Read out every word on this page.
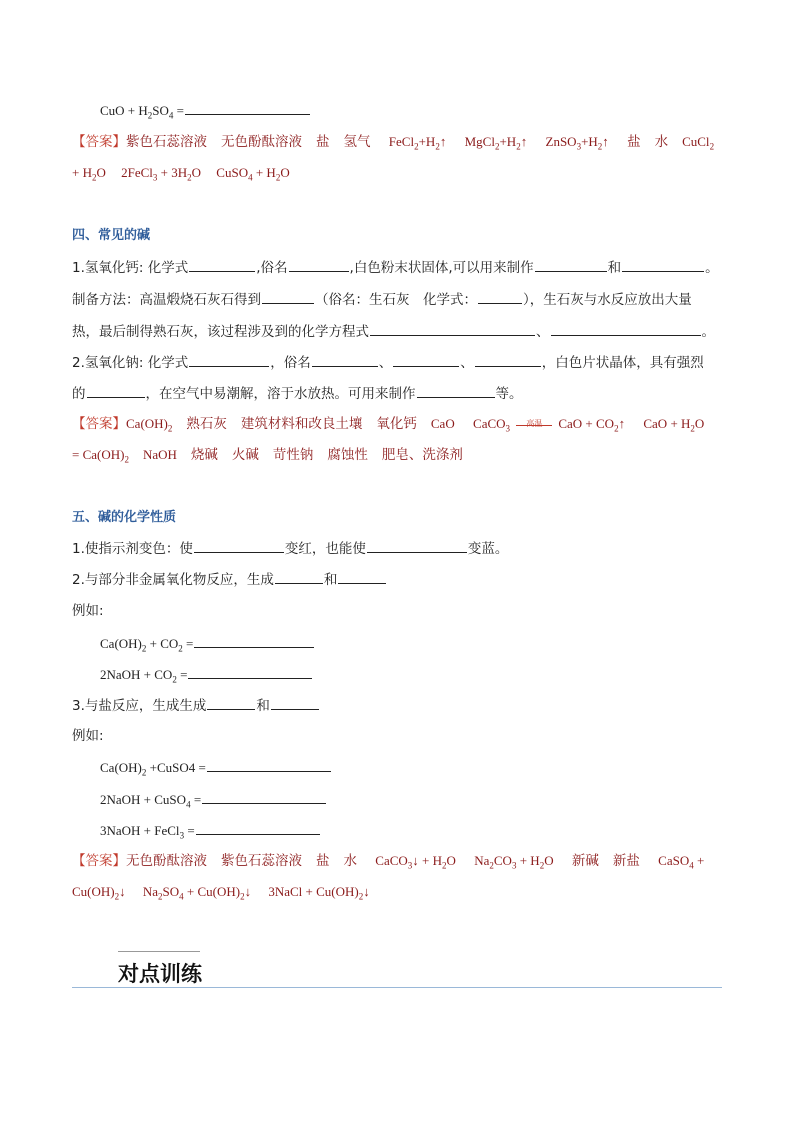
CuO + $H_2SO_4$ =
【答案】紫色石蕊溶液 无色酚酞溶液 盐 氢气 $FeCl_2+H_2↑$ $MgCl_2+H_2↑$ $ZnSO_3+H_2↑$ 盐 水 CuCl$_2$
+ $H_2O$ 2FeCl$_3$ + $3H_2O$ CuSO$_4$ + $H_2O$
四、常见的碱
1.氢氧化钙: 化学式	,俗名	,白色粉末状固体,可以用来制作	和	。
制备方法：高温煅烧石灰石得到	（俗名：生石灰　化学式：	），生石灰与水反应放出大量
热，最后制得熟石灰，该过程涉及到的化学方程式	、	。
2.氢氧化钠: 化学式	，俗名	、	、	，白色片状晶体，具有强烈
的	，在空气中易潮解，溶于水放热。可用来制作	等。
【答案】$Ca(OH)_2$ 熟石灰 建筑材料和改良土壤 氧化钙 CaO CaCO$_3$ 高温 CaO + $CO_2↑$ CaO + $H_2O$
= $Ca(OH)_2$ NaOH 烧碱 火碱 苛性钠 腐蚀性 肥皂、洗涤剂
五、碱的化学性质
1.使指示剂变色：使	变红，也能使	变蓝。
2.与部分非金属氧化物反应，生成	和
例如:
$Ca(OH)_2 + CO_2$ =
2NaOH + $CO_2$ =
3.与盐反应，生成生成	和
例如:
$Ca(OH)_2$ +CuSO4 =
2NaOH + CuSO$_4$ =
3NaOH + FeCl$_3$ =
【答案】无色酚酞溶液 紫色石蕊溶液 盐 水 CaCO$_3$↓ + $H_2O$ $Na_2CO_3 + H_2O$ 新碱 新盐 CaSO$_4$ +
$Cu(OH)_2↓$ $Na_2SO_4$ + $Cu(OH)_2↓$ 3NaCl + $Cu(OH)_2↓$
对点训练
